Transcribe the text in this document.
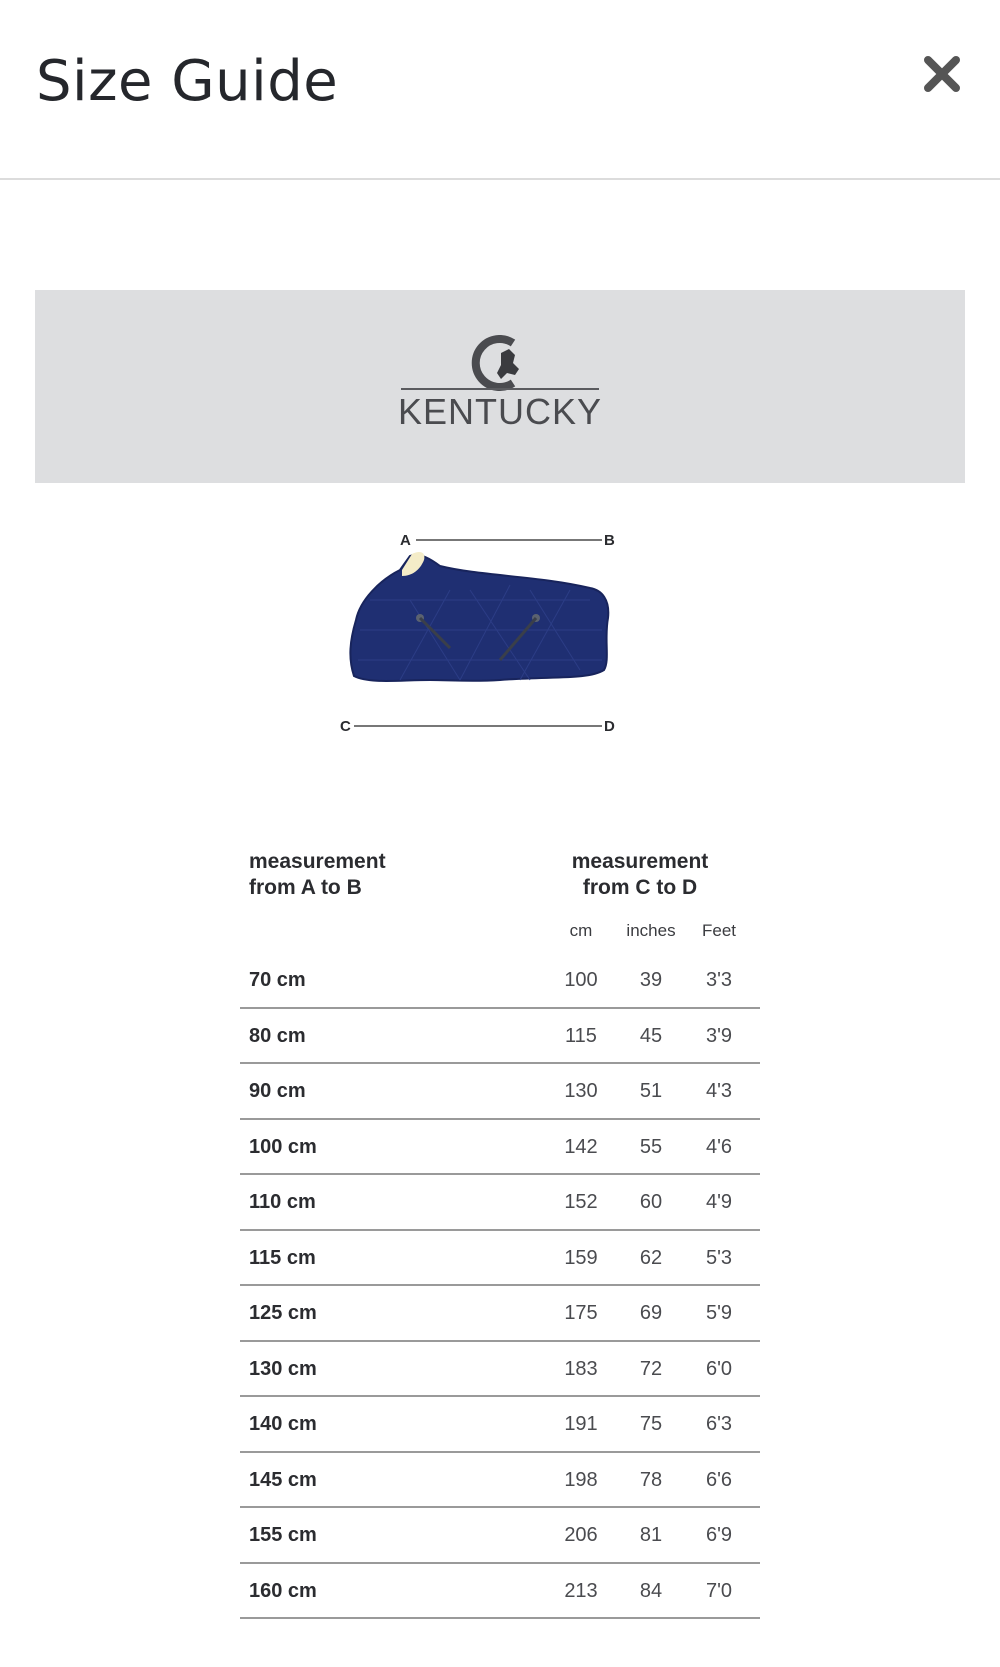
Size Guide
KENTUCKY
A	B
C	D
measurement
from A to B
measurement
from C to D
cm	inches	Feet
70 cm	100	39	3'3
80 cm	115	45	3'9
90 cm	130	51	4'3
100 cm	142	55	4'6
110 cm	152	60	4'9
115 cm	159	62	5'3
125 cm	175	69	5'9
130 cm	183	72	6'0
140 cm	191	75	6'3
145 cm	198	78	6'6
155 cm	206	81	6'9
160 cm	213	84	7'0
